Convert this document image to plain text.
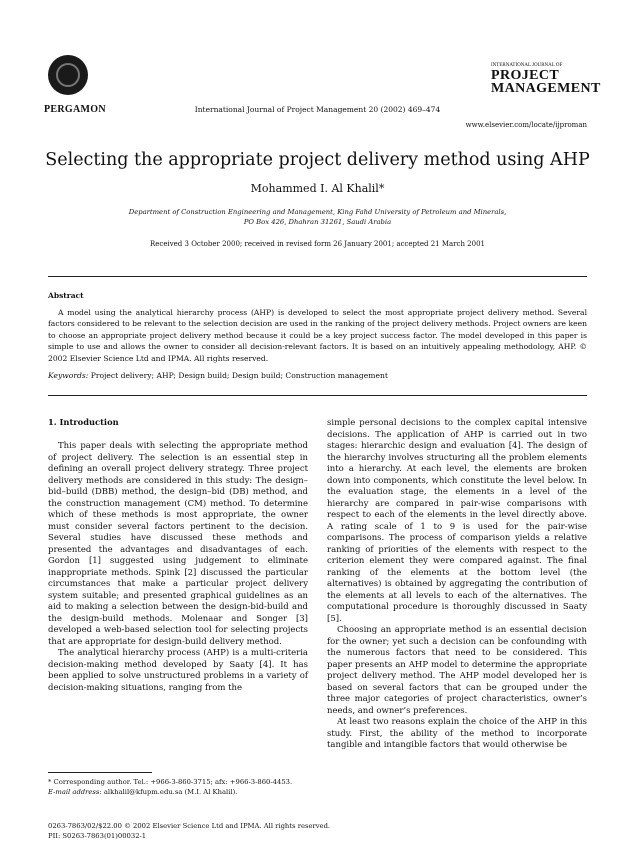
PERGAMON	International Journal of Project Management 20 (2002) 469–474
INTERNATIONAL JOURNAL OF
PROJECT
MANAGEMENT
www.elsevier.com/locate/ijproman
Selecting the appropriate project delivery method using AHP
Mohammed I. Al Khalil*
Department of Construction Engineering and Management, King Fahd University of Petroleum and Minerals,
PO Box 426, Dhahran 31261, Saudi Arabia
Received 3 October 2000; received in revised form 26 January 2001; accepted 21 March 2001
Abstract
A model using the analytical hierarchy process (AHP) is developed to select the most appropriate project delivery method. Several factors considered to be relevant to the selection decision are used in the ranking of the project delivery methods. Project owners are keen to choose an appropriate project delivery method because it could be a key project success factor. The model developed in this paper is simple to use and allows the owner to consider all decision-relevant factors. It is based on an intuitively appealing methodology, AHP. © 2002 Elsevier Science Ltd and IPMA. All rights reserved.
Keywords: Project delivery; AHP; Design build; Design build; Construction management
1. Introduction

This paper deals with selecting the appropriate method of project delivery. The selection is an essential step in defining an overall project delivery strategy. Three project delivery methods are considered in this study: The design–bid–build (DBB) method, the design–bid (DB) method, and the construction management (CM) method. To determine which of these methods is most appropriate, the owner must consider several factors pertinent to the decision. Several studies have discussed these methods and presented the advantages and disadvantages of each. Gordon [1] suggested using judgement to eliminate inappropriate methods. Spink [2] discussed the particular circumstances that make a particular project delivery system suitable; and presented graphical guidelines as an aid to making a selection between the design-bid-build and the design-build methods. Molenaar and Songer [3] developed a web-based selection tool for selecting projects that are appropriate for design-build delivery method.

The analytical hierarchy process (AHP) is a multi-criteria decision-making method developed by Saaty [4]. It has been applied to solve unstructured problems in a variety of decision-making situations, ranging from the

simple personal decisions to the complex capital intensive decisions. The application of AHP is carried out in two stages: hierarchic design and evaluation [4]. The design of the hierarchy involves structuring all the problem elements into a hierarchy. At each level, the elements are broken down into components, which constitute the level below. In the evaluation stage, the elements in a level of the hierarchy are compared in pair-wise comparisons with respect to each of the elements in the level directly above. A rating scale of 1 to 9 is used for the pair-wise comparisons. The process of comparison yields a relative ranking of priorities of the elements with respect to the criterion element they were compared against. The final ranking of the elements at the bottom level (the alternatives) is obtained by aggregating the contribution of the elements at all levels to each of the alternatives. The computational procedure is thoroughly discussed in Saaty [5].

Choosing an appropriate method is an essential decision for the owner; yet such a decision can be confounding with the numerous factors that need to be considered. This paper presents an AHP model to determine the appropriate project delivery method. The AHP model developed her is based on several factors that can be grouped under the three major categories of project characteristics, owner’s needs, and owner’s preferences.

At least two reasons explain the choice of the AHP in this study. First, the ability of the method to incorporate tangible and intangible factors that would otherwise be

* Corresponding author. Tel.: +966-3-860-3715; afx: +966-3-860-4453.
E-mail address: alkhalil@kfupm.edu.sa (M.I. Al Khalil).
0263-7863/02/$22.00 © 2002 Elsevier Science Ltd and IPMA. All rights reserved.
PII: S0263-7863(01)00032-1
